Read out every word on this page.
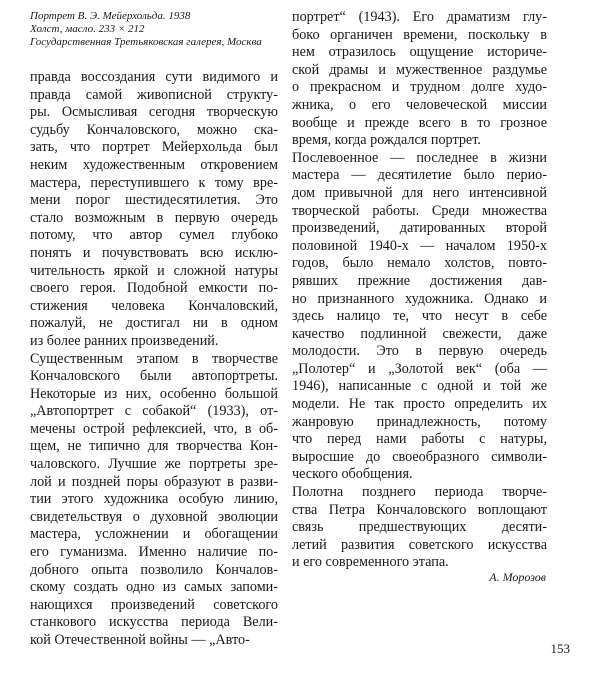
Портрет В. Э. Мейерхольда. 1938
Холст, масло. 233 × 212
Государственная Третьяковская галерея, Москва
правда воссоздания сути видимого и
правда самой живописной структу-
ры. Осмысливая сегодня творческую
судьбу Кончаловского, можно ска-
зать, что портрет Мейерхольда был
неким художественным откровением
мастера, переступившего к тому вре-
мени порог шестидесятилетия. Это
стало возможным в первую очередь
потому, что автор сумел глубоко
понять и почувствовать всю исклю-
чительность яркой и сложной натуры
своего героя. Подобной емкости по-
стижения человека Кончаловский,
пожалуй, не достигал ни в одном
из более ранних произведений.
Существенным этапом в творчестве
Кончаловского были автопортреты.
Некоторые из них, особенно большой
„Автопортрет с собакой“ (1933), от-
мечены острой рефлексией, что, в об-
щем, не типично для творчества Кон-
чаловского. Лучшие же портреты зре-
лой и поздней поры образуют в разви-
тии этого художника особую линию,
свидетельствуя о духовной эволюции
мастера, усложнении и обогащении
его гуманизма. Именно наличие по-
добного опыта позволило Кончалов-
скому создать одно из самых запоми-
нающихся произведений советского
станкового искусства периода Вели-
кой Отечественной войны — „Авто-
портрет“ (1943). Его драматизм глу-
боко органичен времени, поскольку в
нем отразилось ощущение историче-
ской драмы и мужественное раздумье
о прекрасном и трудном долге худо-
жника, о его человеческой миссии
вообще и прежде всего в то грозное
время, когда рождался портрет.
Послевоенное — последнее в жизни
мастера — десятилетие было перио-
дом привычной для него интенсивной
творческой работы. Среди множества
произведений, датированных второй
половиной 1940-х — началом 1950-х
годов, было немало холстов, повто-
рявших прежние достижения дав-
но признанного художника. Однако и
здесь налицо те, что несут в себе
качество подлинной свежести, даже
молодости. Это в первую очередь
„Полотер“ и „Золотой век“ (оба —
1946), написанные с одной и той же
модели. Не так просто определить их
жанровую принадлежность, потому
что перед нами работы с натуры,
выросшие до своеобразного символи-
ческого обобщения.
Полотна позднего периода творче-
ства Петра Кончаловского воплощают
связь предшествующих десяти-
летий развития советского искусства
и его современного этапа.
А. Морозов
153
